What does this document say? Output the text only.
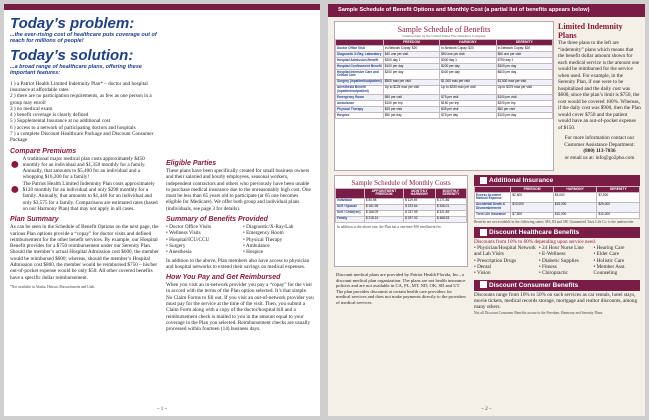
Today’s problem:
...the ever-rising cost of healthcare puts coverage out of reach for millions of people!
Today’s solution:
...a broad range of healthcare plans, offering these important features:
1 ) a Patriot Health Limited Indemnity Plan* – doctor and hospital insurance at affordable rates
2 ) there are no participation requirements, as few as one person in a group may enroll
3 ) no medical exam
4 ) benefit coverage is clearly defined
5 ) Supplemental Insurance at no additional cost
6 ) access to a network of participating doctors and hospitals
7 ) a complete Discount Healthcare Package and Discount Consumer Package
Compare Premiums
● A traditional major medical plan costs approximately $450 monthly for an individual and $1,350 monthly for a family. Annually, that amounts to $5,400 for an individual and a whopping $16,200 for a family!
● The Patriot Health Limited Indemnity Plan costs approximately $120 monthly for an individual and only $298 monthly for a family. Annually, that amounts to $1,440 for an individual and only $3,575 for a family. Comparisons are estimated rates (based on our Harmony Plan) that may not apply in all cases.
Plan Summary
As can be seen in the Schedule of Benefit Options on the next page, the various Plan options provide a “copay” for doctor visits and defined reimbursement for the other benefit services. By example, our Hospital Benefit provides for a $750 reimbursement under our Serenity Plan. Should the member’s actual Hospital Admission cost $600, the member would be reimbursed $600; whereas, should the member’s Hospital Admission cost $800, the member would be reimbursed $750 – his/her out-of-pocket expense would be only $50. All other covered benefits have a specific dollar reimbursement.
*Not available in Alaska, Hawaii, Massachusetts and Utah.
Eligible Parties
These plans have been specifically created for small business owners and their salaried and hourly employees, seasonal workers, independent contractors and others who previously have been unable to purchase medical insurance due to the unreasonably high cost. One must be less than 65 years old to participate (at 65 one becomes eligible for Medicare). We offer both group and individual plans (individuals, see page 3 for details).
Summary of Benefits Provided
• Doctor Office Visits
• Wellness Visits
• Hospital/ICU/CCU
• Surgery
• Anesthesia
• Diagnostic/X-Ray/Lab
• Emergency Room
• Physical Therapy
• Ambulance
• Hospice
In addition to the above, Plan members also have access to physician and hospital networks to extend their savings on medical expenses.
How You Pay and Get Reimbursed
When you visit an in-network provider you pay a “copay” for the visit in accord with the terms of the Plan option selected. It’s that simple. No Claim Forms to fill out. If you visit an out-of-network provider you must pay for the service at the time of the visit. Then, you submit a Claim Form along with a copy of the doctor/hospital bill and a reimbursement check is mailed to you in the amount equal to your coverage in the Plan you selected. Reimbursement checks are usually processed within fourteen (14) business days.
– 1 –
Sample Schedule of Benefit Options and Monthly Cost (a partial list of benefits appears below)
Sample Schedule of Benefits
Underwritten by the United States Fire Insurance Company
	FREEDOM	HARMONY	SERENITY
Doctor Office Visit	In-Network Copay: $20	In-Network Copay: $20	In-Network Copay: $20
Diagnostic X-Ray, Laboratory	$40 one per visit	$50 one per visit	$60 one per visit
Hospital Admission Benefit	$200 day 1	$300 day 1	$750 day 1
Hospital Confinement Benefit	$100 per day	$200 per day	$300 per day
Hospital Intensive Care and Critical Care	$200 per day	$400 per day	$600 per day
Surgery (inpatient/outpatient)	$500 max per visit	$1,000 max per visit	$1,500 max per visit
Anesthesia Benefit (inpatient/outpatient)	Up to $125 max per visit	Up to $250 max per visit	Up to $375 max per visit
Emergency Room	$50 per visit	$75 per visit	$100 per visit
Ambulance	$100 per trip	$150 per trip	$200 per trip
Physical Therapy	$25 per visit	$35 per visit	$50 per visit
Hospice	$50 per day	$75 per day	$100 per day
Sample Schedule of Monthly Costs
	APPOINTMENT FREEDOM	MONTHLY HARMONY	MONTHLY SERENITY
Individual	$ 80.98	$ 119.49	$ 171.86
Self / Spouse	$ 161.96	$ 223.64	$ 336.01
Self / Child(ren)	$ 166.09	$ 237.59	$ 321.89
Family	$ 218.24	$ 297.92	$ 468.53
In addition to the above rate, the Plan has a one-time $50 enrollment fee.
Discount medical plans are provided by Patriot Health Florida, Inc., a discount medical plan organization. The plans are not health insurance policies and are not available in CA, FL, MT, ND, OK, SD and UT. The plan provides discounts at certain health care providers for medical services and does not make payments directly to the providers of medical services.
Limited Indemnity Plans

The three plans to the left are “indemnity” plans which means that the benefit dollar amount shown for each medical service is the amount one would be reimbursed for the service when used. For example, in the Serenity Plan, if one were to be hospitalized and the daily cost was $600, since the plan’s limit is $750, the cost would be covered 100%. Whereas, if the daily cost was $900, then the Plan would cover $750 and the patient would have an out-of-pocket expense of $150.

For more information contact our Customer Assistance Department:

(800) 113-7036

or email us at: info@go2pho.com

Additional Insurance
	FREEDOM	HARMONY	SERENITY
Excess Accident Medical Expense	$2,500	$5,000	$7,500
Accidental Death & Dismemberment	$10,000	$15,000	$25,000
Term Life Insurance	$7,500	$10,000	$10,000
Benefits are not available in the following states: MS, RI and OR. Guaranteed Trust Life Co. is the underwriter.
Discount Healthcare Benefits
Discounts from 10% to 60% depending upon service need.
• Physician/Hospital Network and Lab Visits
• Prescription Drugs
• Dental
• Vision
• 24 Hour Nurse Line
• E-Wellness
• Diabetic Supplies
• Fitness
• Chiropractic
• Hearing Care
• Elder Care
• Holistic Care
• Member Asst. Counseling
Discount Consumer Benefits
Discounts range from 10% to 50% on such services as car rentals, hotel stays, movie tickets, medical records storage, mortgage and realtor discounts, among many others.
Not all Discount Consumer Benefits accrue to the Freedom, Harmony and Serenity Plans.
– 2 –
